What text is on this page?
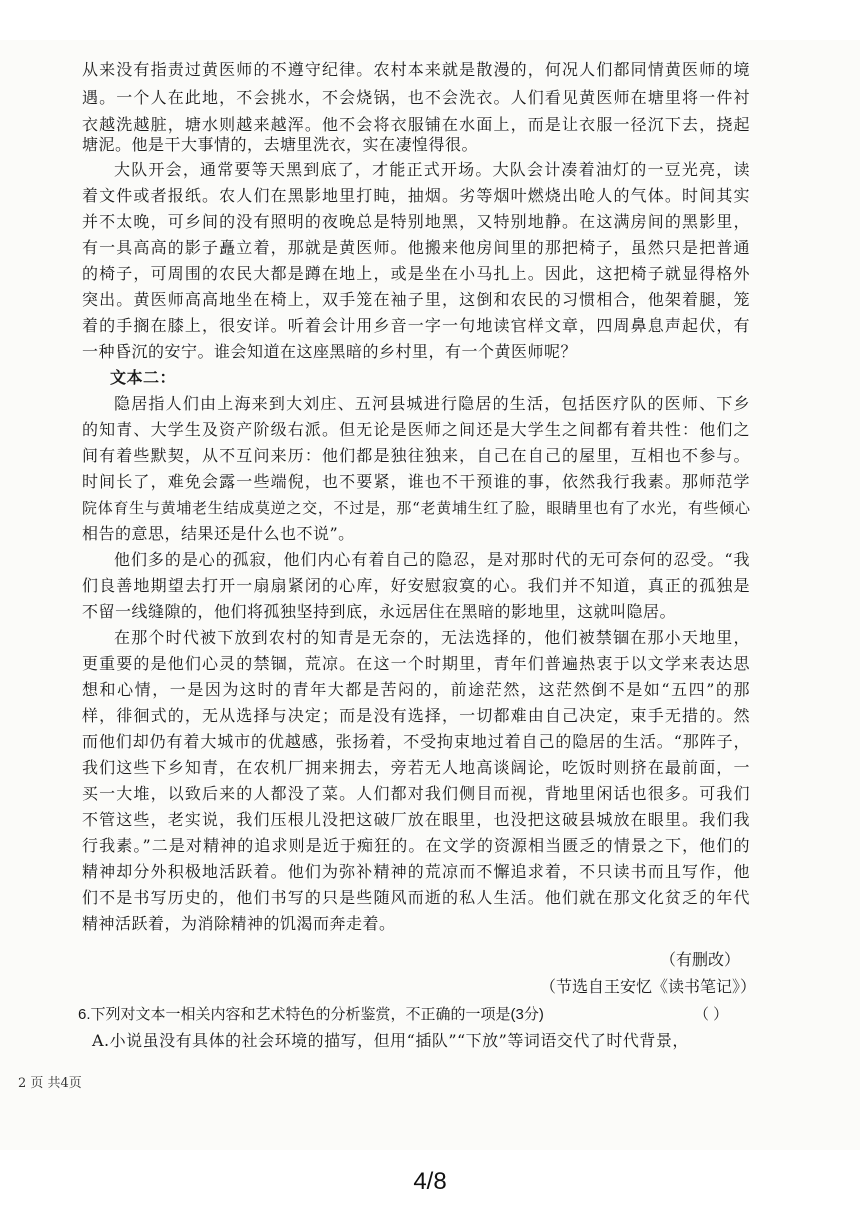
从来没有指责过黄医师的不遵守纪律。农村本来就是散漫的，何况人们都同情黄医师的境
遇。一个人在此地，不会挑水，不会烧锅，也不会洗衣。人们看见黄医师在塘里将一件衬
衣越洗越脏，塘水则越来越浑。他不会将衣服铺在水面上，而是让衣服一径沉下去，挠起
塘泥。他是干大事情的，去塘里洗衣，实在凄惶得很。
大队开会，通常要等天黑到底了，才能正式开场。大队会计凑着油灯的一豆光亮，读
着文件或者报纸。农人们在黑影地里打盹，抽烟。劣等烟叶燃烧出呛人的气体。时间其实
并不太晚，可乡间的没有照明的夜晚总是特别地黑，又特别地静。在这满房间的黑影里，
有一具高高的影子矗立着，那就是黄医师。他搬来他房间里的那把椅子，虽然只是把普通
的椅子，可周围的农民大都是蹲在地上，或是坐在小马扎上。因此，这把椅子就显得格外
突出。黄医师高高地坐在椅上，双手笼在袖子里，这倒和农民的习惯相合，他架着腿，笼
着的手搁在膝上，很安详。听着会计用乡音一字一句地读官样文章，四周鼻息声起伏，有
一种昏沉的安宁。谁会知道在这座黑暗的乡村里，有一个黄医师呢？
文本二：
隐居指人们由上海来到大刘庄、五河县城进行隐居的生活，包括医疗队的医师、下乡
的知青、大学生及资产阶级右派。但无论是医师之间还是大学生之间都有着共性：他们之
间有着些默契，从不互问来历：他们都是独往独来，自己在自己的屋里，互相也不参与。
时间长了，难免会露一些端倪，也不要紧，谁也不干预谁的事，依然我行我素。那师范学
院体育生与黄埔老生结成莫逆之交，不过是，那“老黄埔生红了脸，眼睛里也有了水光，有些倾心
相告的意思，结果还是什么也不说”。
他们多的是心的孤寂，他们内心有着自己的隐忍，是对那时代的无可奈何的忍受。“我
们良善地期望去打开一扇扇紧闭的心库，好安慰寂寞的心。我们并不知道，真正的孤独是
不留一线缝隙的，他们将孤独坚持到底，永远居住在黑暗的影地里，这就叫隐居。
在那个时代被下放到农村的知青是无奈的，无法选择的，他们被禁锢在那小天地里，
更重要的是他们心灵的禁锢，荒凉。在这一个时期里，青年们普遍热衷于以文学来表达思
想和心情，一是因为这时的青年大都是苦闷的，前途茫然，这茫然倒不是如“五四”的那
样，徘徊式的，无从选择与决定；而是没有选择，一切都难由自己决定，束手无措的。然
而他们却仍有着大城市的优越感，张扬着，不受拘束地过着自己的隐居的生活。“那阵子，
我们这些下乡知青，在农机厂拥来拥去，旁若无人地高谈阔论，吃饭时则挤在最前面，一
买一大堆，以致后来的人都没了菜。人们都对我们侧目而视，背地里闲话也很多。可我们
不管这些，老实说，我们压根儿没把这破厂放在眼里，也没把这破县城放在眼里。我们我
行我素。”二是对精神的追求则是近于痴狂的。在文学的资源相当匮乏的情景之下，他们的
精神却分外积极地活跃着。他们为弥补精神的荒凉而不懈追求着，不只读书而且写作，他
们不是书写历史的，他们书写的只是些随风而逝的私人生活。他们就在那文化贫乏的年代
精神活跃着，为消除精神的饥渴而奔走着。
（有删改）
（节选自王安忆《读书笔记》）
6.下列对文本一相关内容和艺术特色的分析鉴赏，不正确的一项是(3分)	（ ）
A.小说虽没有具体的社会环境的描写，但用“插队”“下放”等词语交代了时代背景，
2 页 共4页
4/8
